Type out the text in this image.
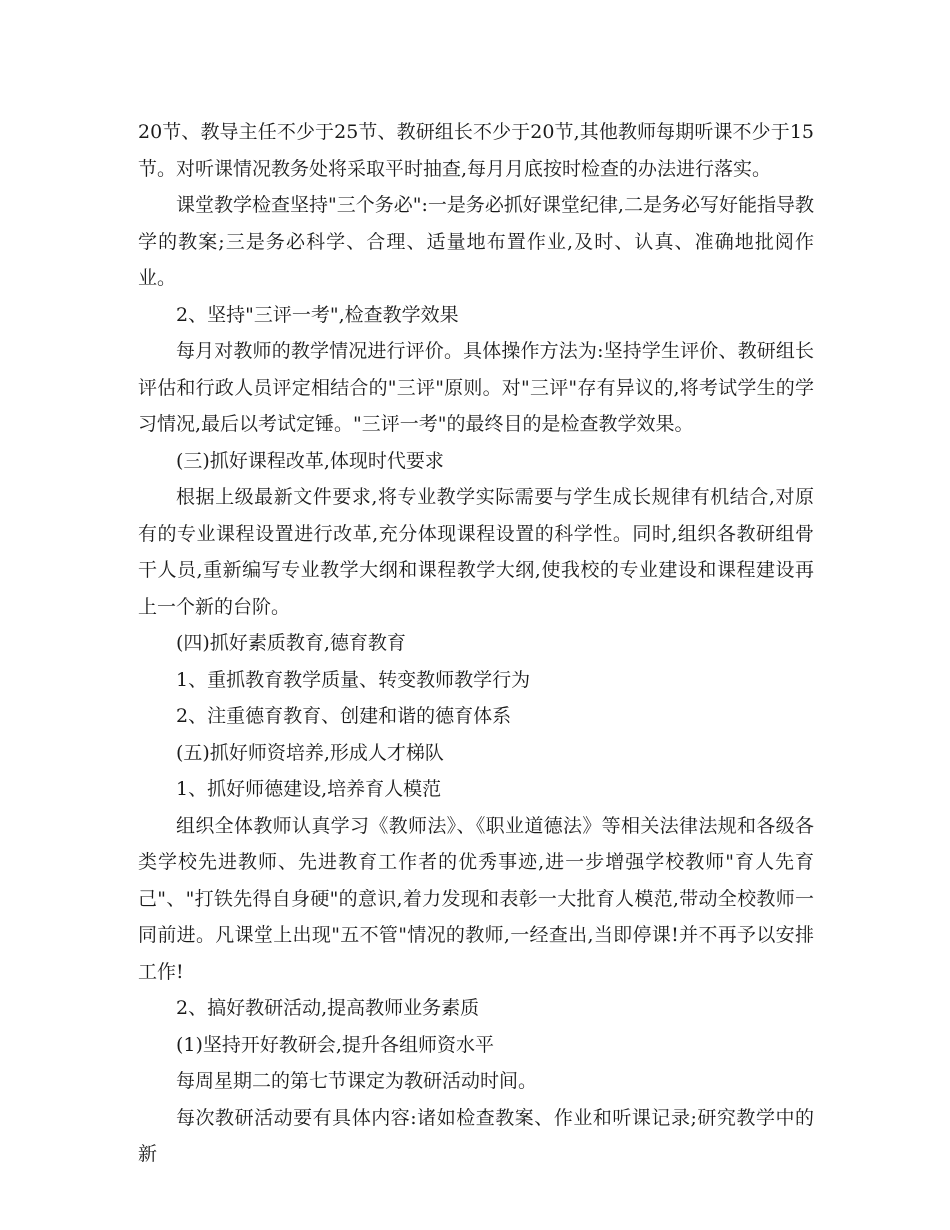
20节、教导主任不少于25节、教研组长不少于20节,其他教师每期听课不少于15节。对听课情况教务处将采取平时抽查,每月月底按时检查的办法进行落实。

课堂教学检查坚持"三个务必":一是务必抓好课堂纪律,二是务必写好能指导教学的教案;三是务必科学、合理、适量地布置作业,及时、认真、准确地批阅作业。

2、坚持"三评一考",检查教学效果

每月对教师的教学情况进行评价。具体操作方法为:坚持学生评价、教研组长评估和行政人员评定相结合的"三评"原则。对"三评"存有异议的,将考试学生的学习情况,最后以考试定锤。"三评一考"的最终目的是检查教学效果。

(三)抓好课程改革,体现时代要求

根据上级最新文件要求,将专业教学实际需要与学生成长规律有机结合,对原有的专业课程设置进行改革,充分体现课程设置的科学性。同时,组织各教研组骨干人员,重新编写专业教学大纲和课程教学大纲,使我校的专业建设和课程建设再上一个新的台阶。

(四)抓好素质教育,德育教育

1、重抓教育教学质量、转变教师教学行为

2、注重德育教育、创建和谐的德育体系

(五)抓好师资培养,形成人才梯队

1、抓好师德建设,培养育人模范

组织全体教师认真学习《教师法》、《职业道德法》等相关法律法规和各级各类学校先进教师、先进教育工作者的优秀事迹,进一步增强学校教师"育人先育己"、"打铁先得自身硬"的意识,着力发现和表彰一大批育人模范,带动全校教师一同前进。凡课堂上出现"五不管"情况的教师,一经查出,当即停课!并不再予以安排工作!

2、搞好教研活动,提高教师业务素质

(1)坚持开好教研会,提升各组师资水平

每周星期二的第七节课定为教研活动时间。

每次教研活动要有具体内容:诸如检查教案、作业和听课记录;研究教学中的新
